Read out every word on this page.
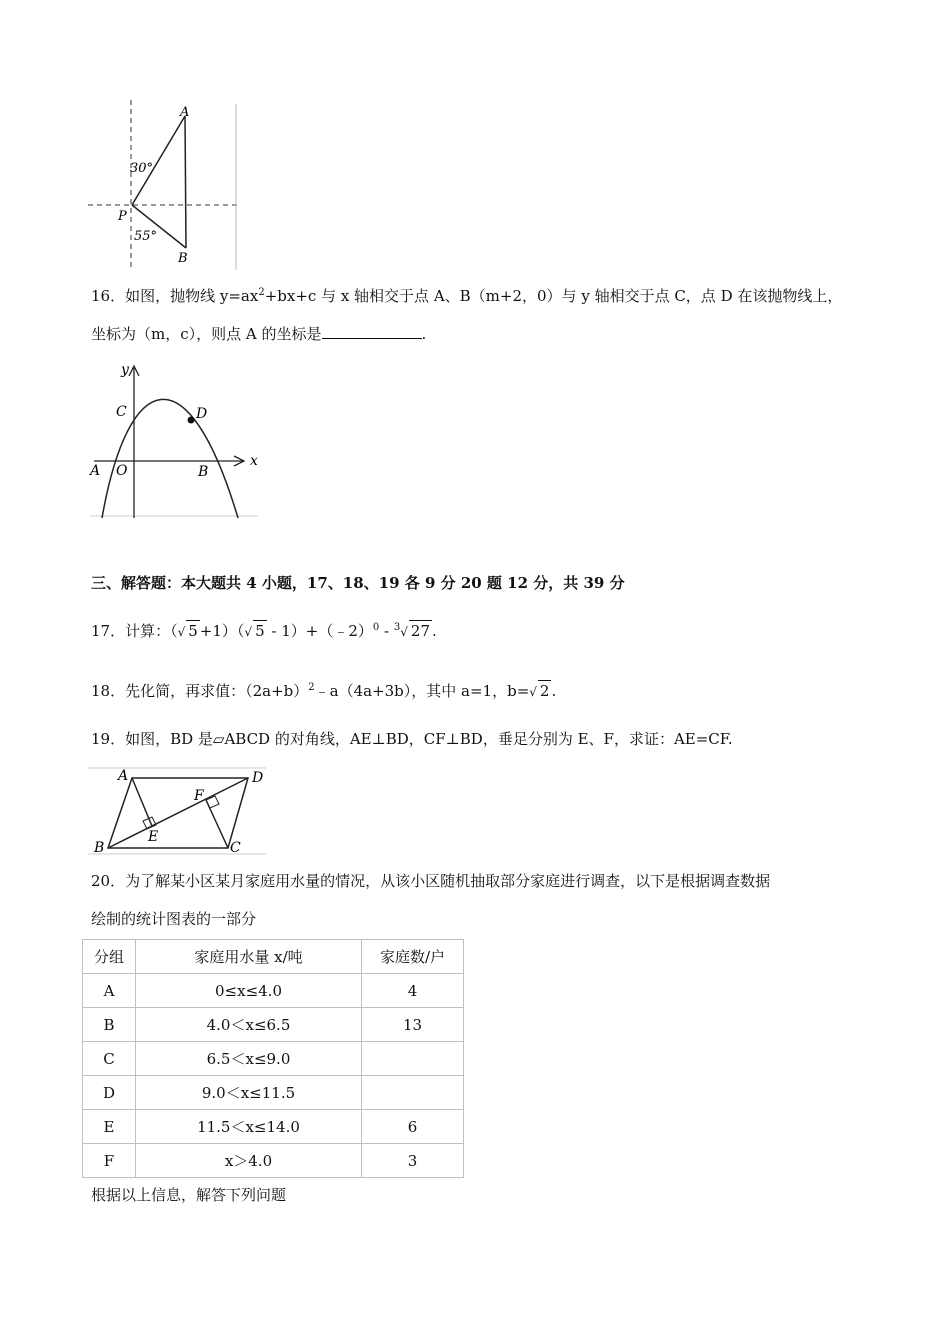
A
B
P
30°
55°
16．如图，抛物线 $y=ax^2+bx+c$ 与 x 轴相交于点 A、B（m+2，0）与 y 轴相交于点 C，点 D 在该抛物线上，
坐标为（m，c），则点 A 的坐标是	.
y
x
C	D
A O	B
三、解答题：本大题共 4 小题，17、18、19 各 9 分 20 题 12 分，共 39 分
17．计算：（√ 5 +1）（√ 5 - 1）+（﹣2）$^0$ - $^3$√ 27 .
18．先化简，再求值：$(2a+b)^2﹣a(4a+3b)$，其中 a=1，b=√ 2 .
19．如图，BD 是▱ABCD 的对角线，AE⊥BD，CF⊥BD，垂足分别为 E、F，求证：AE=CF.
A	D
B	C
E
F
20．为了解某小区某月家庭用水量的情况，从该小区随机抽取部分家庭进行调查，以下是根据调查数据
绘制的统计图表的一部分
分组	家庭用水量 x/吨	家庭数/户
A	0≤x≤4.0	4
B	4.0＜x≤6.5	13
C	6.5＜x≤9.0	
D	9.0＜x≤11.5	
E	11.5＜x≤14.0	6
F	x＞4.0	3
根据以上信息，解答下列问题
